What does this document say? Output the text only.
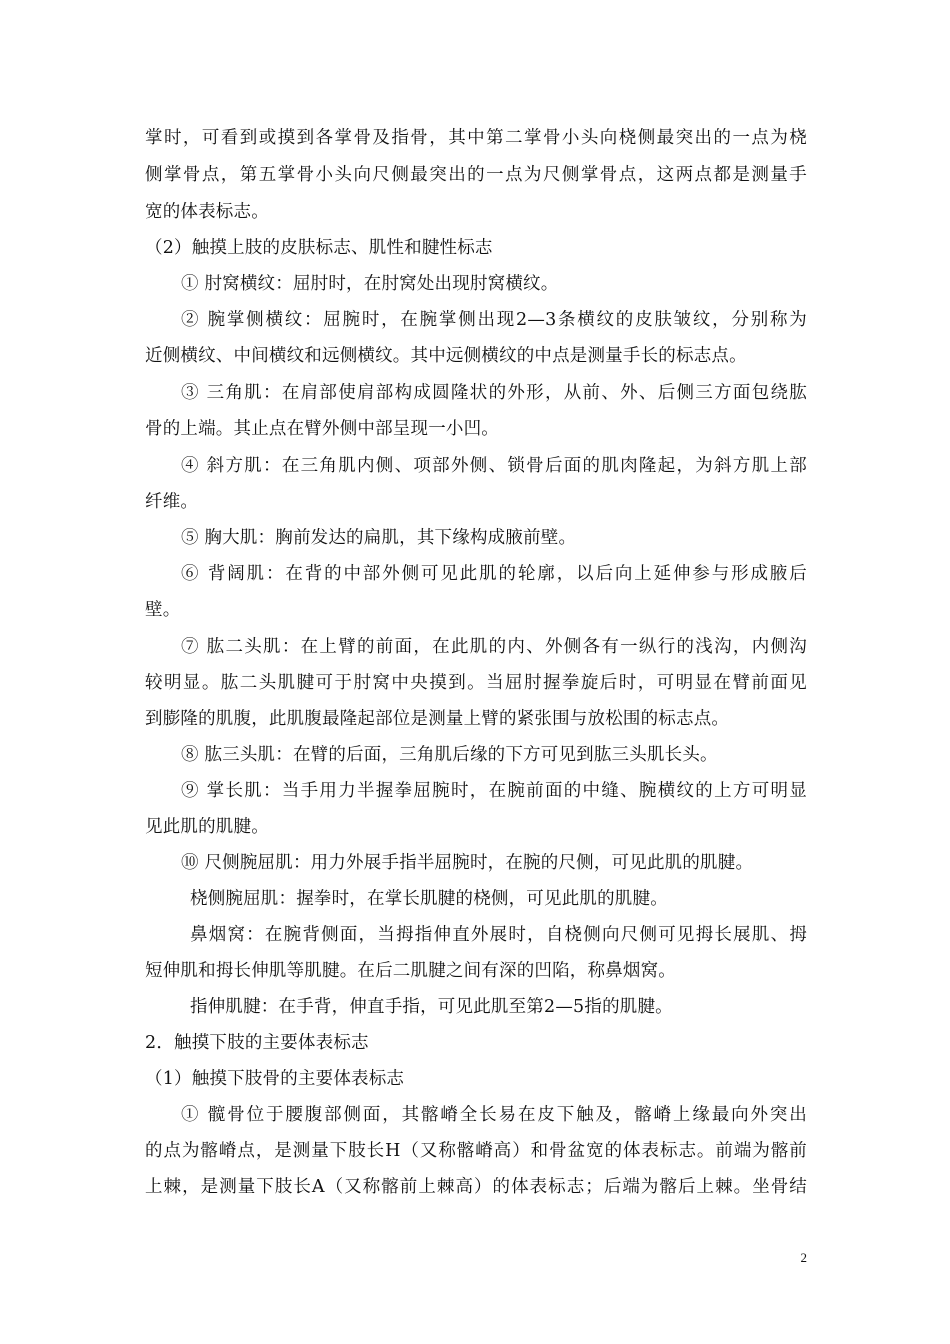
掌时，可看到或摸到各掌骨及指骨，其中第二掌骨小头向桡侧最突出的一点为桡
侧掌骨点，第五掌骨小头向尺侧最突出的一点为尺侧掌骨点，这两点都是测量手
宽的体表标志。
（2）触摸上肢的皮肤标志、肌性和腱性标志
① 肘窝横纹：屈肘时，在肘窝处出现肘窝横纹。
② 腕掌侧横纹：屈腕时，在腕掌侧出现2—3条横纹的皮肤皱纹，分别称为
近侧横纹、中间横纹和远侧横纹。其中远侧横纹的中点是测量手长的标志点。
③ 三角肌：在肩部使肩部构成圆隆状的外形，从前、外、后侧三方面包绕肱
骨的上端。其止点在臂外侧中部呈现一小凹。
④ 斜方肌：在三角肌内侧、项部外侧、锁骨后面的肌肉隆起，为斜方肌上部
纤维。
⑤ 胸大肌：胸前发达的扁肌，其下缘构成腋前壁。
⑥ 背阔肌：在背的中部外侧可见此肌的轮廓，以后向上延伸参与形成腋后
壁。
⑦ 肱二头肌：在上臂的前面，在此肌的内、外侧各有一纵行的浅沟，内侧沟
较明显。肱二头肌腱可于肘窝中央摸到。当屈肘握拳旋后时，可明显在臂前面见
到膨隆的肌腹，此肌腹最隆起部位是测量上臂的紧张围与放松围的标志点。
⑧ 肱三头肌：在臂的后面，三角肌后缘的下方可见到肱三头肌长头。
⑨ 掌长肌：当手用力半握拳屈腕时，在腕前面的中缝、腕横纹的上方可明显
见此肌的肌腱。
⑩ 尺侧腕屈肌：用力外展手指半屈腕时，在腕的尺侧，可见此肌的肌腱。
桡侧腕屈肌：握拳时，在掌长肌腱的桡侧，可见此肌的肌腱。
鼻烟窝：在腕背侧面，当拇指伸直外展时，自桡侧向尺侧可见拇长展肌、拇
短伸肌和拇长伸肌等肌腱。在后二肌腱之间有深的凹陷，称鼻烟窝。
指伸肌腱：在手背，伸直手指，可见此肌至第2—5指的肌腱。
2．触摸下肢的主要体表标志
（1）触摸下肢骨的主要体表标志
① 髋骨位于腰腹部侧面，其髂嵴全长易在皮下触及，髂嵴上缘最向外突出
的点为髂嵴点，是测量下肢长H（又称髂嵴高）和骨盆宽的体表标志。前端为髂前
上棘，是测量下肢长A（又称髂前上棘高）的体表标志；后端为髂后上棘。坐骨结
2
